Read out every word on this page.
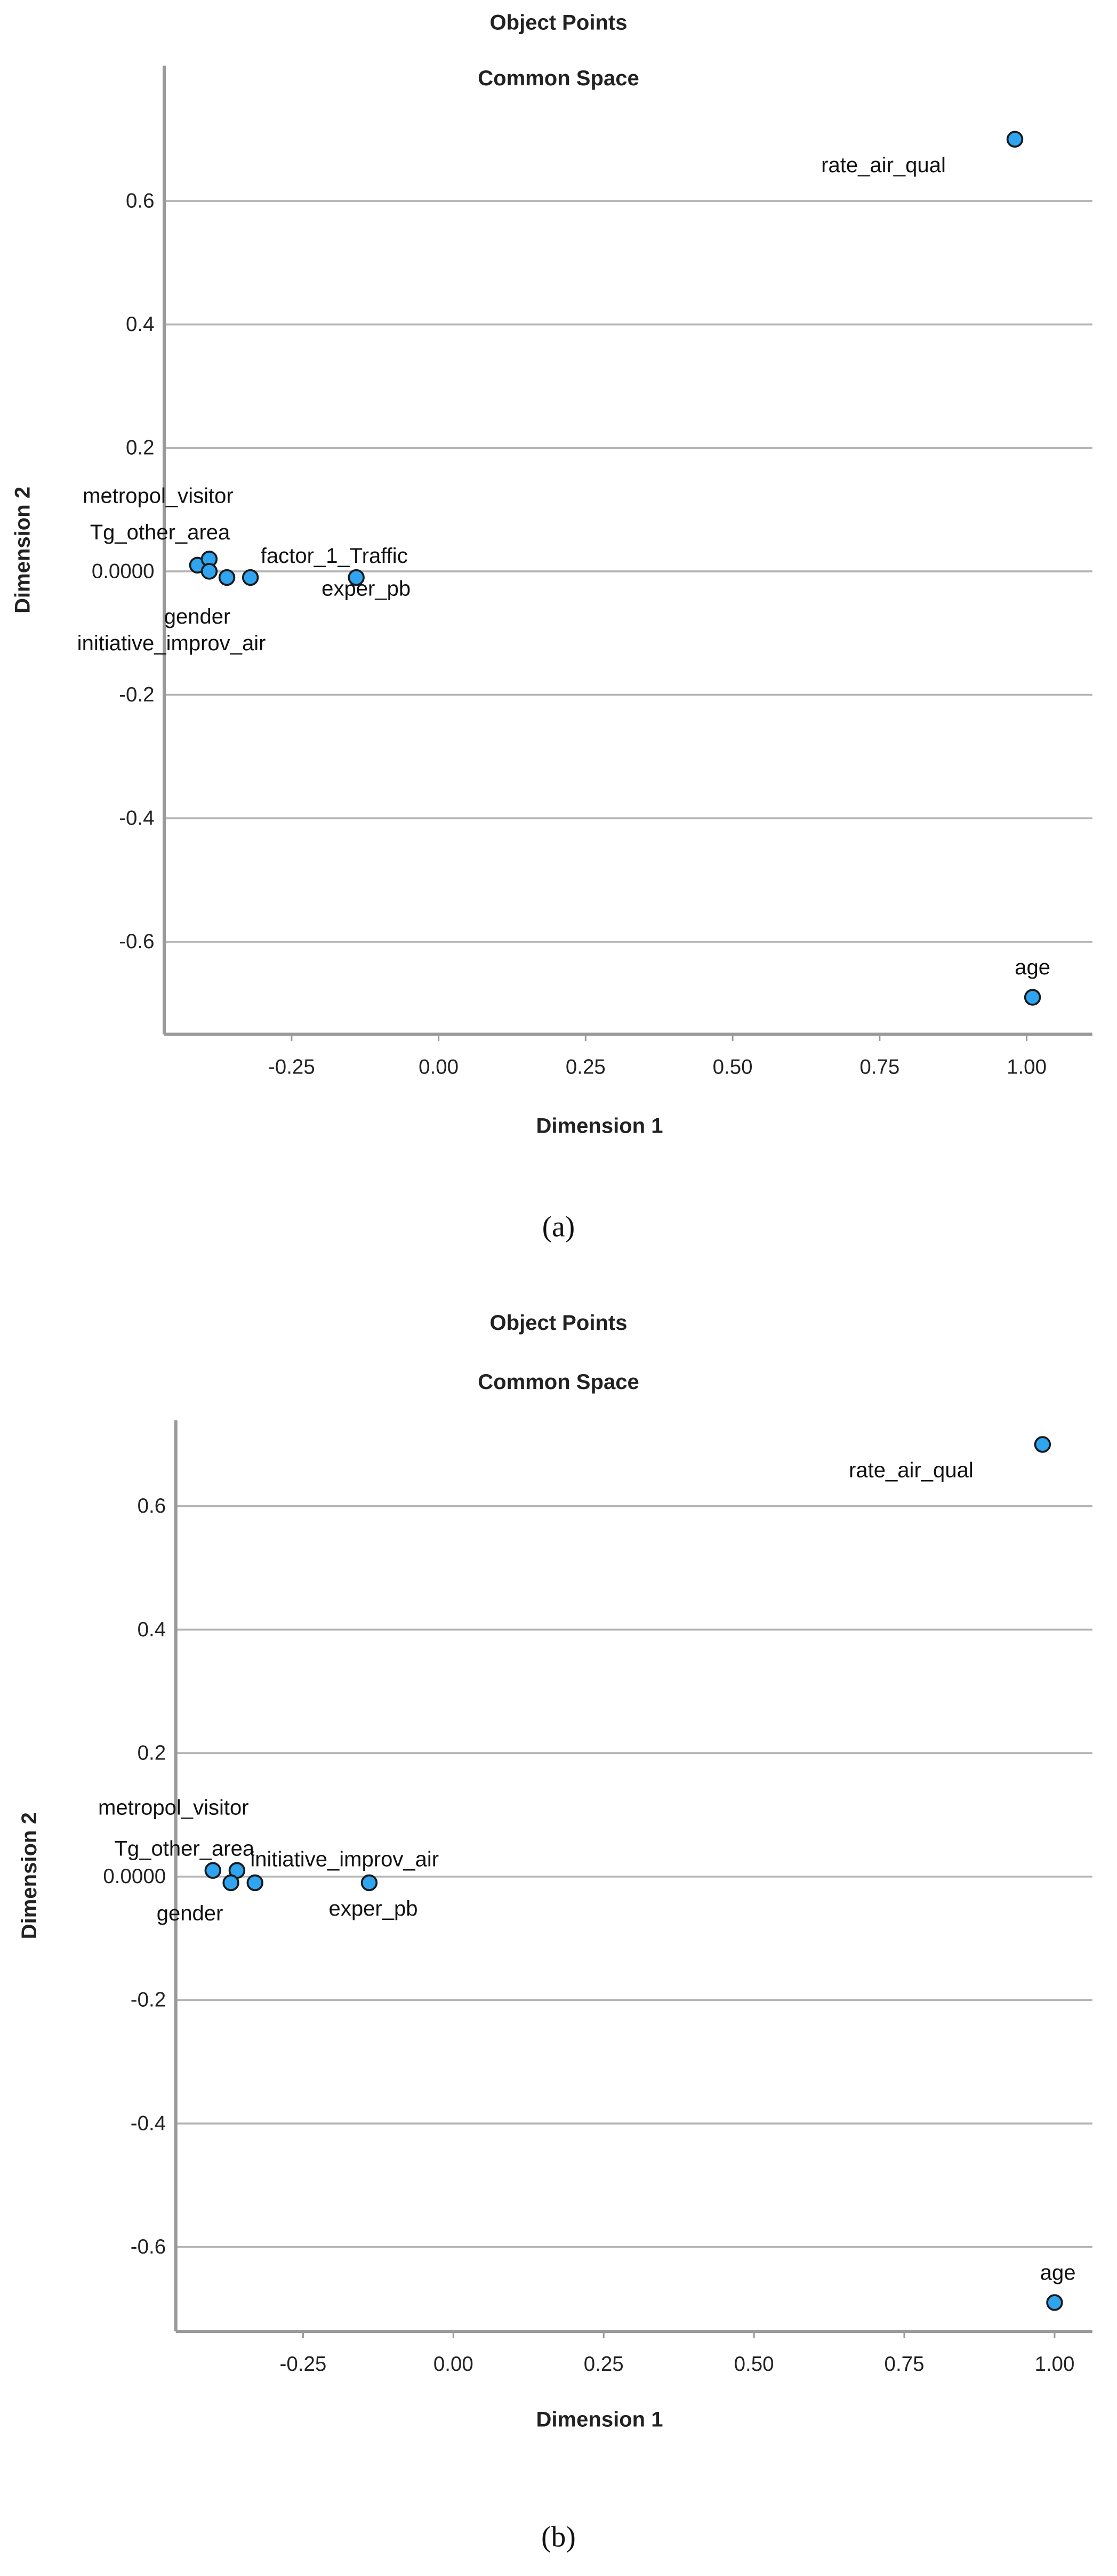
Object Points
Common Space
0.6
0.4
0.2
0.0000
-0.2
-0.4
-0.6
-0.25	0.00	0.25	0.50	0.75	1.00
Dimension 1
Dimension 2
rate_air_qual
age
metropol_visitor
Tg_other_area
gender
initiative_improv_air
factor_1_Traffic
exper_pb
(a)
Object Points
Common Space
0.6
0.4
0.2
0.0000
-0.2
-0.4
-0.6
-0.25	0.00	0.25	0.50	0.75	1.00
Dimension 1
Dimension 2
rate_air_qual
age
metropol_visitor
Tg_other_area
gender
initiative_improv_air
exper_pb
(b)
